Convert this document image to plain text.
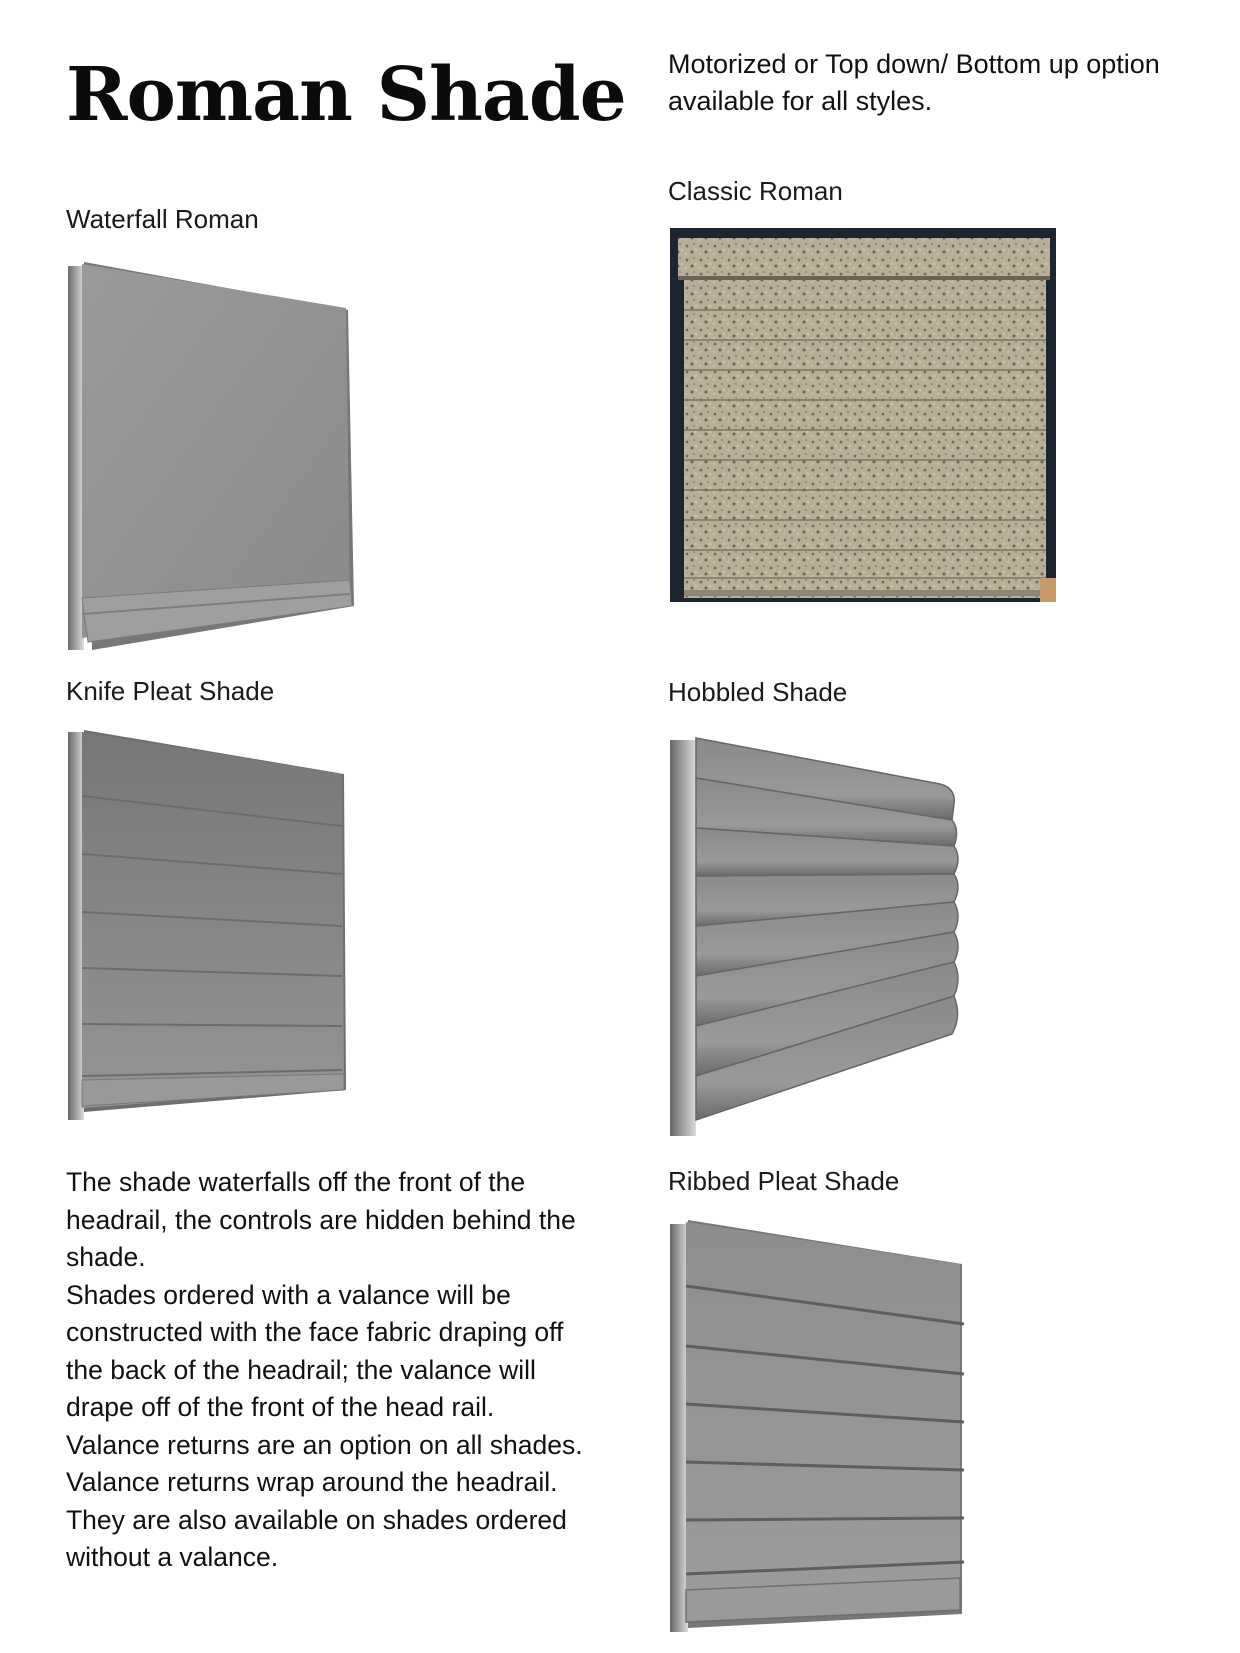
Roman Shade Motorized or Top down/ Bottom up option available for all styles.
Waterfall Roman
Classic Roman
Knife Pleat Shade	Hobbled Shade
Ribbed Pleat Shade

The shade waterfalls off the front of the headrail, the controls are hidden behind the shade.

Shades ordered with a valance will be constructed with the face fabric draping off the back of the headrail; the valance will drape off of the front of the head rail.

Valance returns are an option on all shades. Valance returns wrap around the headrail. They are also available on shades ordered without a valance.
